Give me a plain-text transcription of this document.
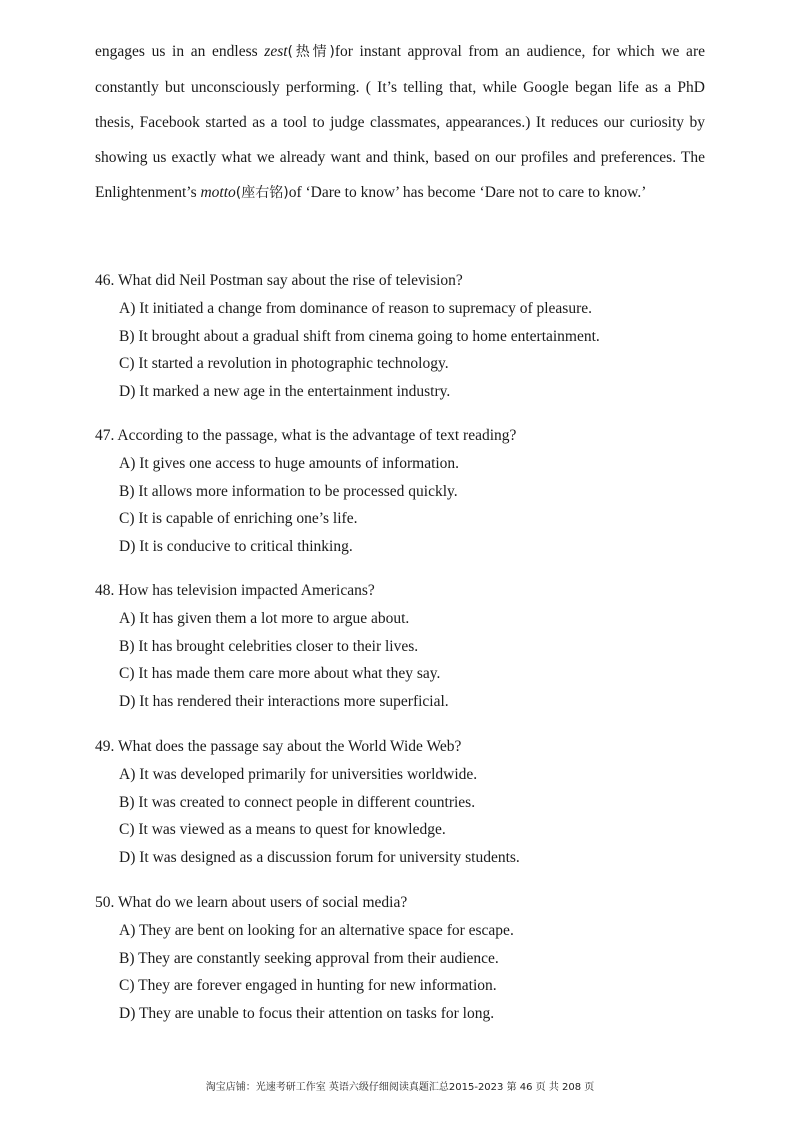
engages us in an endless zest(热情)for instant approval from an audience, for which we are constantly but unconsciously performing. ( It’s telling that, while Google began life as a PhD thesis, Facebook started as a tool to judge classmates, appearances.) It reduces our curiosity by showing us exactly what we already want and think, based on our profiles and preferences. The Enlightenment’s motto(座右铭)of ‘Dare to know’ has become ‘Dare not to care to know.’

46. What did Neil Postman say about the rise of television?
A) It initiated a change from dominance of reason to supremacy of pleasure.
B) It brought about a gradual shift from cinema going to home entertainment.
C) It started a revolution in photographic technology.
D) It marked a new age in the entertainment industry.
47. According to the passage, what is the advantage of text reading?
A) It gives one access to huge amounts of information.
B) It allows more information to be processed quickly.
C) It is capable of enriching one’s life.
D) It is conducive to critical thinking.
48. How has television impacted Americans?
A) It has given them a lot more to argue about.
B) It has brought celebrities closer to their lives.
C) It has made them care more about what they say.
D) It has rendered their interactions more superficial.
49. What does the passage say about the World Wide Web?
A) It was developed primarily for universities worldwide.
B) It was created to connect people in different countries.
C) It was viewed as a means to quest for knowledge.
D) It was designed as a discussion forum for university students.
50. What do we learn about users of social media?
A) They are bent on looking for an alternative space for escape.
B) They are constantly seeking approval from their audience.
C) They are forever engaged in hunting for new information.
D) They are unable to focus their attention on tasks for long.
淘宝店铺：光速考研工作室 英语六级仔细阅读真题汇总2015-2023 第 46 页 共 208 页
